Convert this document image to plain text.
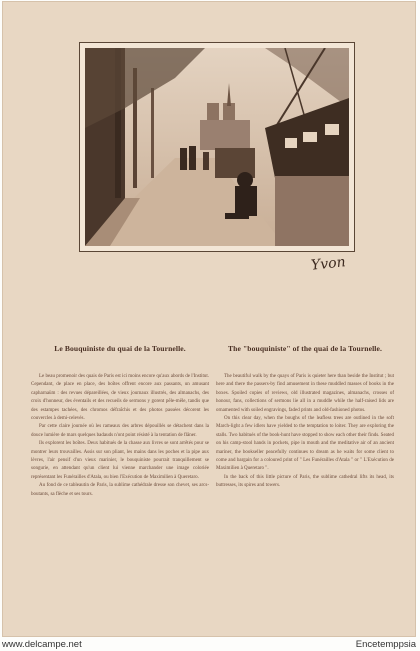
Yvon
Le Bouquiniste du quai de la Tournelle.

Le beau promenoir des quais de Paris est ici moins encore qu'aux abords de l'Institut. Cependant, de place en place, des boîtes offrent encore aux passants, un amusant capharnaüm : des revues dépareillées, de vieux journaux illustrés, des almanachs, des croix d'honneur, des éventails et des recueils de sermons y gorent pêle-mêle, tandis que des estampes tachées, des chromos défraîchis et des photos passées décorent les couvercles à demi-celevés.

Par cette claire journée où les rameaux des arbres dépouillés se détachent dans la douce lumière de mars quelques badauds n'ont point résisté à la tentation de flâner.

Ils explorent les boîtes. Deux habitués de la chasse aux livres se sont arrêtés pour se montrer leurs trouvailles. Assis sur son pliant, les mains dans les poches et la pipe aux lèvres, l'air pensif d'un vieux marinier, le bouquiniste pourrait tranquillement se songurie, en attendant qu'un client lui vienne marchander une image coloriée représentant les Funérailles d'Atala, ou bien l'Exécution de Maximilien à Queretaro.

Au fond de ce tableautin de Paris, la sublime cathédrale dresse son chevet, ses arcs-boutants, sa flèche et ses tours.

The "bouquiniste" of the quai de la Tournelle.

The beautiful walk by the quays of Paris is quieter here than beside the Institut ; but here and there the passers-by find amusement in these muddled masses of books in the boxes. Spoiled copies of reviews, old illustrated magazines, almanachs, crosses of honour, fans, collections of sermons lie all in a muddle while the half-raised lids are ornamented with soiled engravings, faded prints and old-fashioned photos.

On this clear day, when the boughs of the leafless trees are outlined in the soft March-light a few idlers have yielded to the temptation to loiter. They are exploring the stalls. Two habitués of the book-hunt have stopped to show each other their finds. Seated on his camp-stool hands in pockets, pipe in mouth and the meditative air of an ancient mariner, the bookseller peacefully continues to dream as he waits for some client to come and bargain for a coloured print of " Les Funérailles d'Atala " or " L'Exécution de Maximilien à Queretaro ".

In the back of this little picture of Paris, the sublime cathedral lifts its head, its buttresses, its spires and towers.

www.delcampe.net	Encetemppsia
